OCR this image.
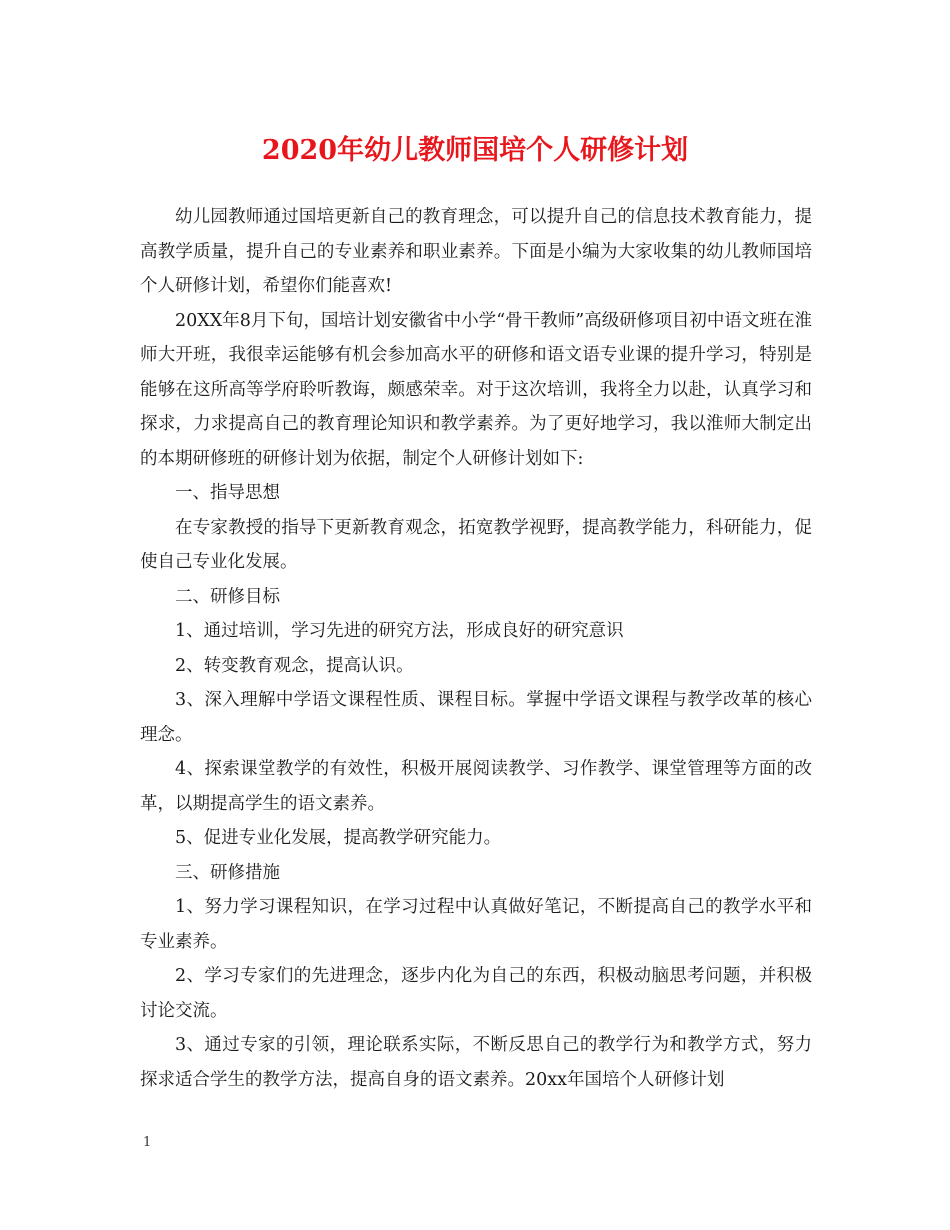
2020年幼儿教师国培个人研修计划

幼儿园教师通过国培更新自己的教育理念，可以提升自己的信息技术教育能力，提高教学质量，提升自己的专业素养和职业素养。下面是小编为大家收集的幼儿教师国培个人研修计划，希望你们能喜欢!

20XX年8月下旬，国培计划安徽省中小学“骨干教师”高级研修项目初中语文班在淮师大开班，我很幸运能够有机会参加高水平的研修和语文语专业课的提升学习，特别是能够在这所高等学府聆听教诲，颇感荣幸。对于这次培训，我将全力以赴，认真学习和探求，力求提高自己的教育理论知识和教学素养。为了更好地学习，我以淮师大制定出的本期研修班的研修计划为依据，制定个人研修计划如下:

一、指导思想

在专家教授的指导下更新教育观念，拓宽教学视野，提高教学能力，科研能力，促使自己专业化发展。

二、研修目标

1、通过培训，学习先进的研究方法，形成良好的研究意识

2、转变教育观念，提高认识。

3、深入理解中学语文课程性质、课程目标。掌握中学语文课程与教学改革的核心理念。

4、探索课堂教学的有效性，积极开展阅读教学、习作教学、课堂管理等方面的改革，以期提高学生的语文素养。

5、促进专业化发展，提高教学研究能力。

三、研修措施

1、努力学习课程知识，在学习过程中认真做好笔记，不断提高自己的教学水平和专业素养。

2、学习专家们的先进理念，逐步内化为自己的东西，积极动脑思考问题，并积极讨论交流。

3、通过专家的引领，理论联系实际，不断反思自己的教学行为和教学方式，努力探求适合学生的教学方法，提高自身的语文素养。20xx年国培个人研修计划

1
